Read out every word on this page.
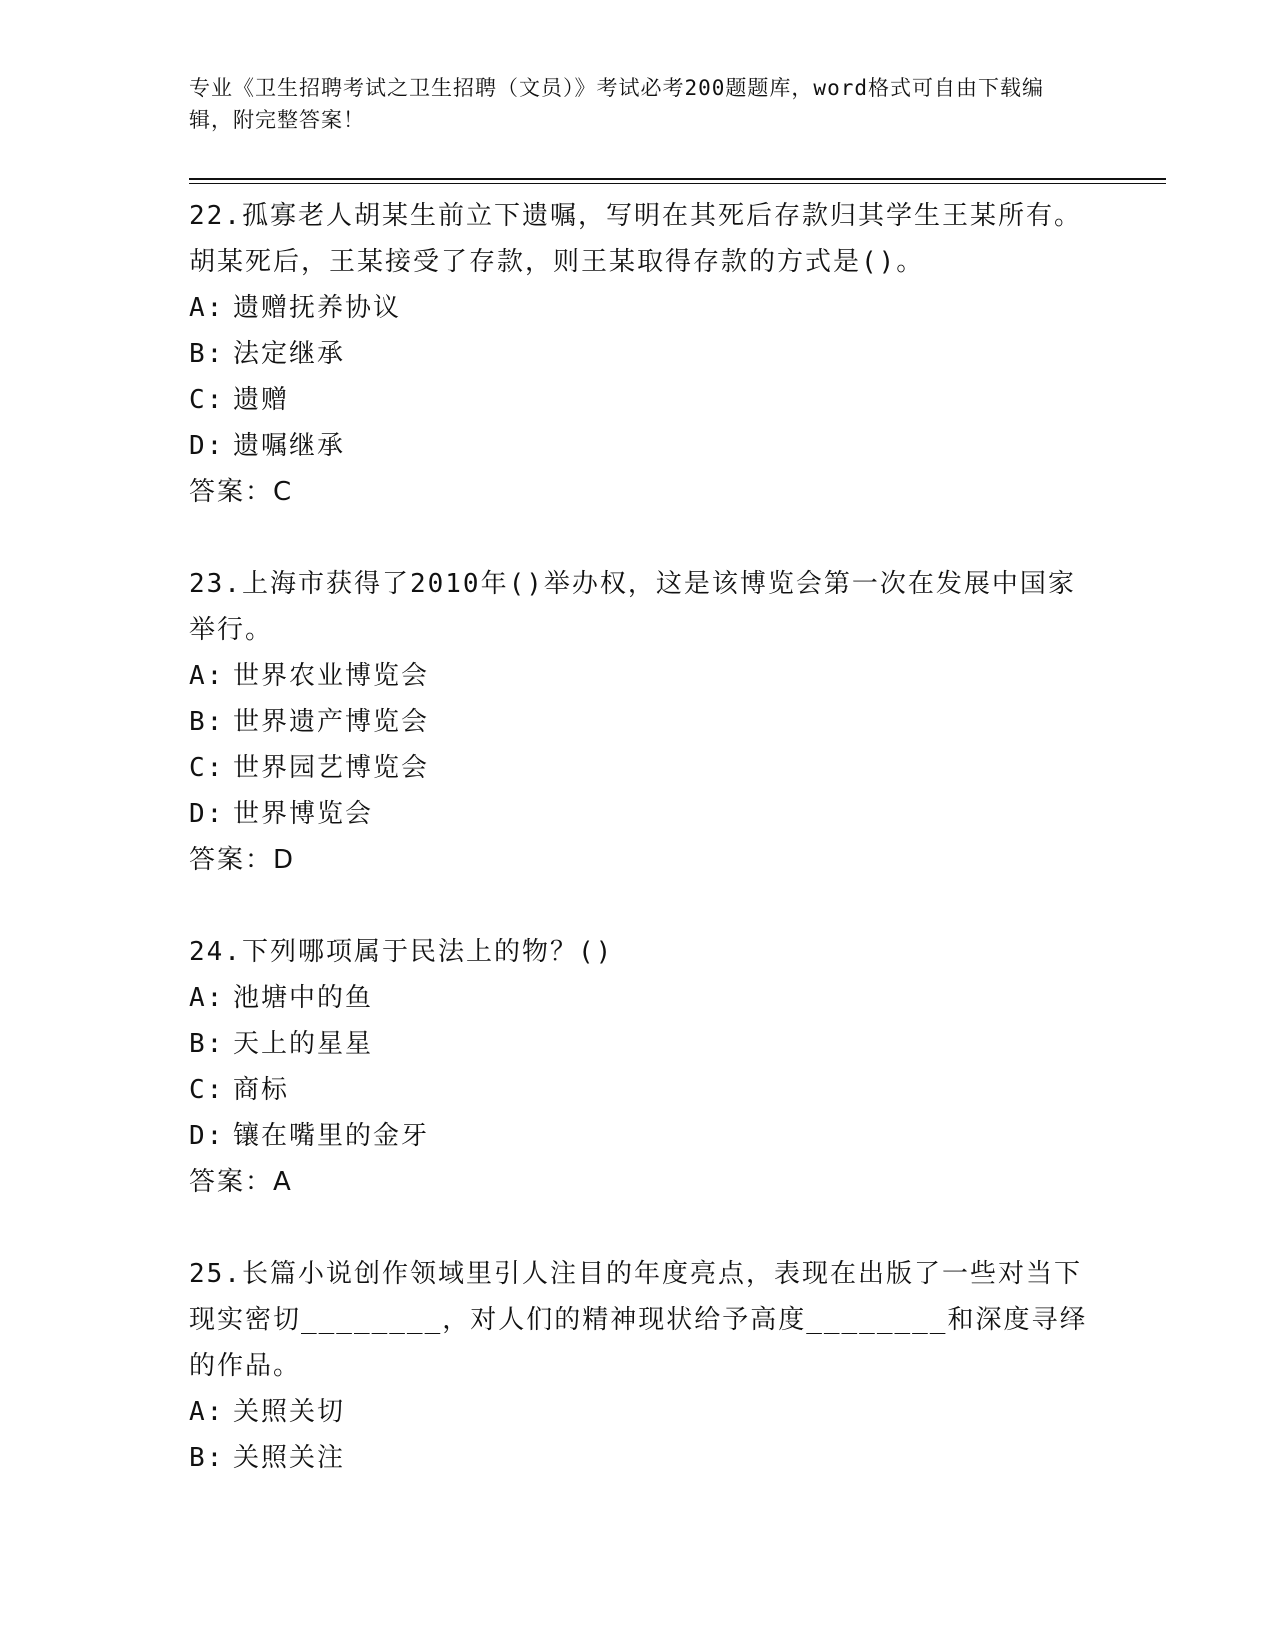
专业《卫生招聘考试之卫生招聘（文员）》考试必考200题题库，word格式可自由下载编辑，附完整答案！
22.孤寡老人胡某生前立下遗嘱，写明在其死后存款归其学生王某所有。胡某死后，王某接受了存款，则王某取得存款的方式是()。
A: 遗赠抚养协议
B: 法定继承
C: 遗赠
D: 遗嘱继承
答案：C
23.上海市获得了2010年()举办权，这是该博览会第一次在发展中国家举行。
A: 世界农业博览会
B: 世界遗产博览会
C: 世界园艺博览会
D: 世界博览会
答案：D
24.下列哪项属于民法上的物？()
A: 池塘中的鱼
B: 天上的星星
C: 商标
D: 镶在嘴里的金牙
答案：A
25.长篇小说创作领域里引人注目的年度亮点，表现在出版了一些对当下现实密切________，对人们的精神现状给予高度________和深度寻绎的作品。
A: 关照关切
B: 关照关注
